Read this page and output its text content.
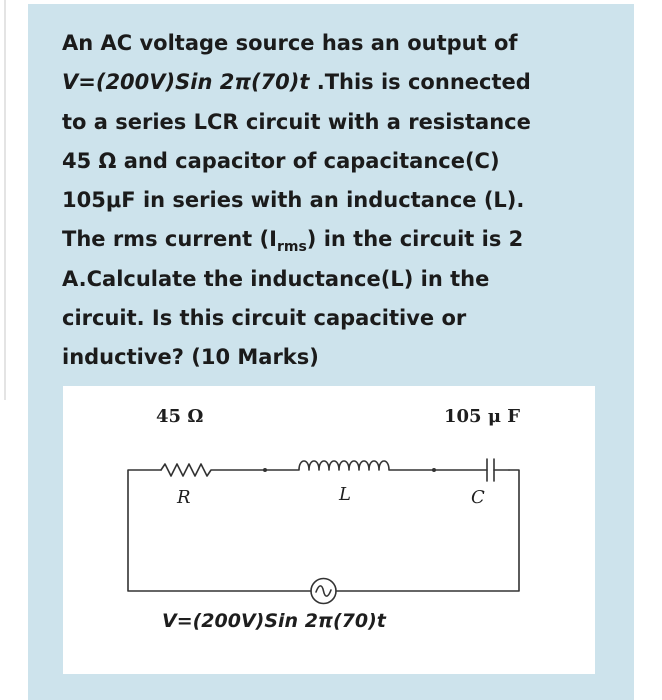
An AC voltage source has an output of
V=(200V)Sin 2π(70)t .This is connected
to a series LCR circuit with a resistance
45 Ω and capacitor of capacitance(C)
105μF in series with an inductance (L).
The rms current $(I_{rms})$ in the circuit is 2
A.Calculate the inductance(L) in the
circuit. Is this circuit capacitive or
inductive? (10 Marks)

45 Ω
R	L
105 μ F
C
V=(200V)Sin 2π(70)t
